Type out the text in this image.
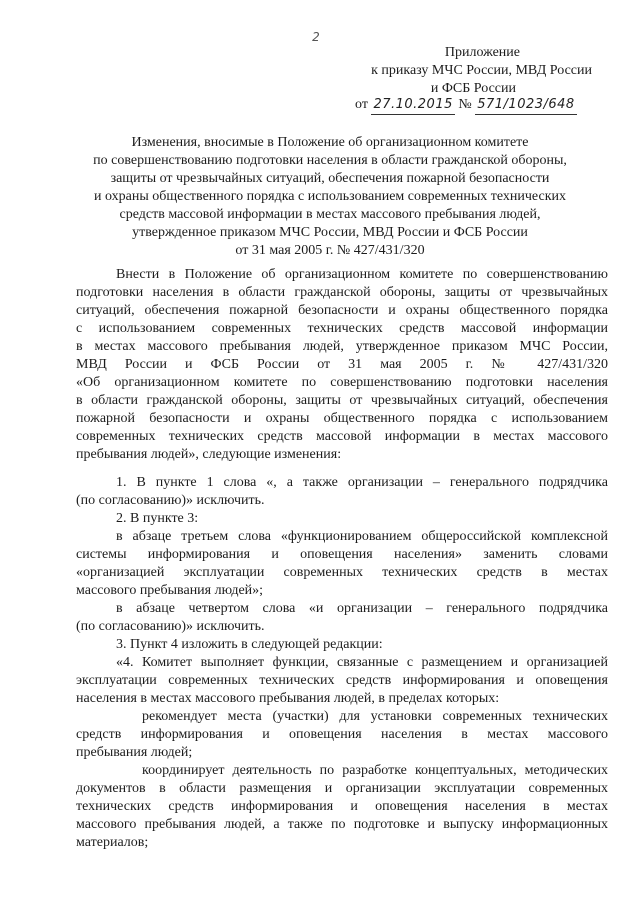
2
Приложение
к приказу МЧС России, МВД России
и ФСБ России
от 27.10.2015 № 571/1023/648
Изменения, вносимые в Положение об организационном комитете
по совершенствованию подготовки населения в области гражданской обороны,
защиты от чрезвычайных ситуаций, обеспечения пожарной безопасности
и охраны общественного порядка с использованием современных технических
средств массовой информации в местах массового пребывания людей,
утвержденное приказом МЧС России, МВД России и ФСБ России
от 31 мая 2005 г. № 427/431/320
Внести в Положение об организационном комитете по совершенствованию
подготовки населения в области гражданской обороны, защиты от чрезвычайных
ситуаций, обеспечения пожарной безопасности и охраны общественного порядка
с использованием современных технических средств массовой информации
в местах массового пребывания людей, утвержденное приказом МЧС России,
МВД России и ФСБ России от 31 мая 2005 г. № 427/431/320
«Об организационном комитете по совершенствованию подготовки населения
в области гражданской обороны, защиты от чрезвычайных ситуаций, обеспечения
пожарной безопасности и охраны общественного порядка с использованием
современных технических средств массовой информации в местах массового
пребывания людей», следующие изменения:
1. В пункте 1 слова «, а также организации – генерального подрядчика
(по согласованию)» исключить.
2. В пункте 3:
в абзаце третьем слова «функционированием общероссийской комплексной
системы информирования и оповещения населения» заменить словами
«организацией эксплуатации современных технических средств в местах
массового пребывания людей»;
в абзаце четвертом слова «и организации – генерального подрядчика
(по согласованию)» исключить.
3. Пункт 4 изложить в следующей редакции:
«4. Комитет выполняет функции, связанные с размещением и организацией
эксплуатации современных технических средств информирования и оповещения
населения в местах массового пребывания людей, в пределах которых:
рекомендует места (участки) для установки современных технических
средств информирования и оповещения населения в местах массового
пребывания людей;
координирует деятельность по разработке концептуальных, методических
документов в области размещения и организации эксплуатации современных
технических средств информирования и оповещения населения в местах
массового пребывания людей, а также по подготовке и выпуску информационных
материалов;
